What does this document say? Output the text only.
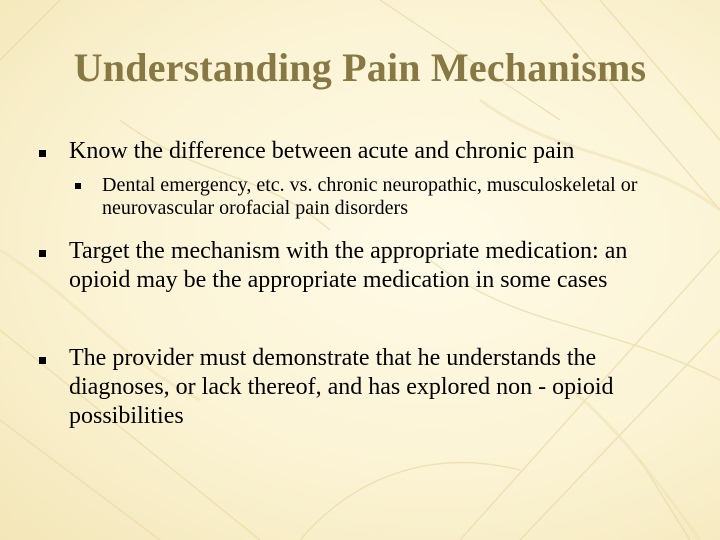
Understanding Pain Mechanisms
Know the difference between acute and chronic pain
Dental emergency, etc. vs. chronic neuropathic, musculoskeletal or neurovascular orofacial pain disorders
Target the mechanism with the appropriate medication: an opioid may be the appropriate medication in some cases
The provider must demonstrate that he understands the diagnoses, or lack thereof, and has explored non - opioid possibilities
